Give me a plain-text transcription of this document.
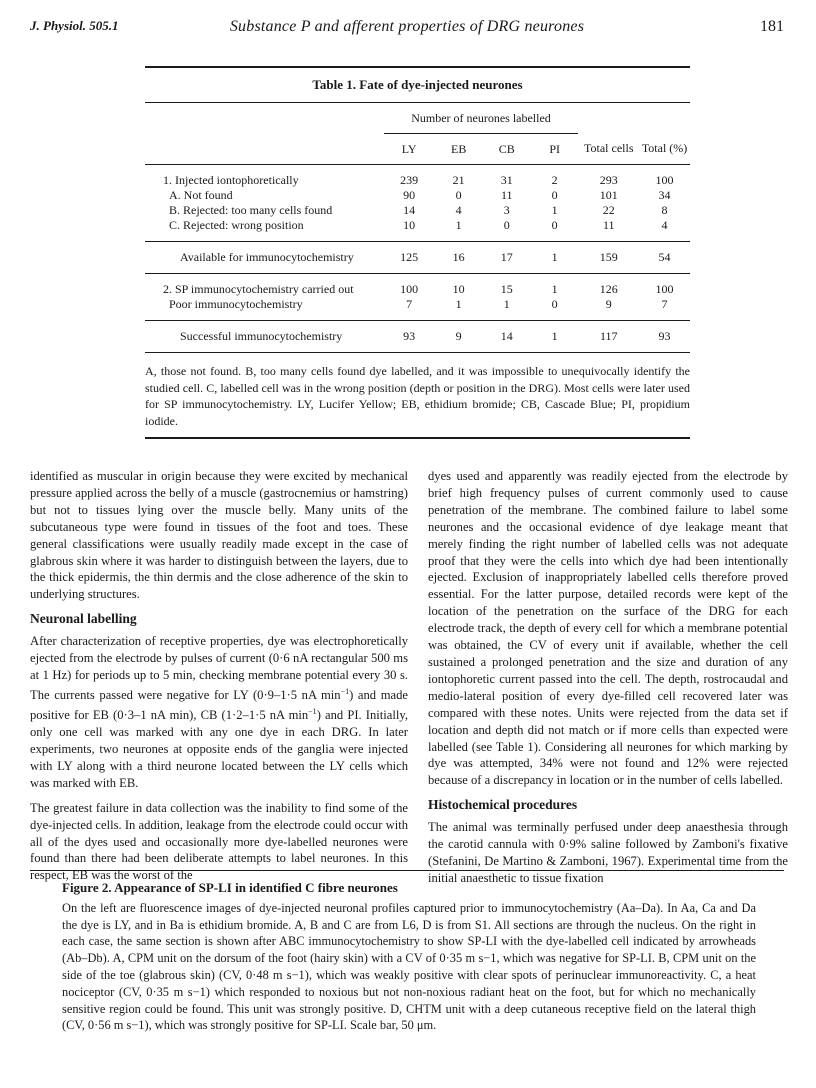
J. Physiol. 505.1	Substance P and afferent properties of DRG neurones	181
Table 1. Fate of dye-injected neurones
	Number of neurones labelled					
	LY	EB	CB	PI	Total cells	Total (%)

1. Injected iontophoretically	239	21	31	2	293	100
A. Not found	90	0	11	0	101	34
B. Rejected: too many cells found	14	4	3	1	22	8
C. Rejected: wrong position	10	1	0	0	11	4

Available for immunocytochemistry	125	16	17	1	159	54

2. SP immunocytochemistry carried out	100	10	15	1	126	100
Poor immunocytochemistry	7	1	1	0	9	7

Successful immunocytochemistry	93	9	14	1	117	93

A, those not found. B, too many cells found dye labelled, and it was impossible to unequivocally identify the studied cell. C, labelled cell was in the wrong position (depth or position in the DRG). Most cells were later used for SP immunocytochemistry. LY, Lucifer Yellow; EB, ethidium bromide; CB, Cascade Blue; PI, propidium iodide.

identified as muscular in origin because they were excited by mechanical pressure applied across the belly of a muscle (gastrocnemius or hamstring) but not to tissues lying over the muscle belly. Many units of the subcutaneous type were found in tissues of the foot and toes. These general classifications were usually readily made except in the case of glabrous skin where it was harder to distinguish between the layers, due to the thick epidermis, the thin dermis and the close adherence of the skin to underlying structures.

Neuronal labelling

After characterization of receptive properties, dye was electrophoretically ejected from the electrode by pulses of current (0·6 nA rectangular 500 ms at 1 Hz) for periods up to 5 min, checking membrane potential every 30 s. The currents passed were negative for LY (0·9–1·5 nA $\min^{-1}$) and made positive for EB (0·3–1 nA min), CB (1·2–1·5 nA $\min^{-1}$) and PI. Initially, only one cell was marked with any one dye in each DRG. In later experiments, two neurones at opposite ends of the ganglia were injected with LY along with a third neurone located between the LY cells which was marked with EB.

The greatest failure in data collection was the inability to find some of the dye-injected cells. In addition, leakage from the electrode could occur with all of the dyes used and occasionally more dye-labelled neurones were found than there had been deliberate attempts to label neurones. In this respect, EB was the worst of the

dyes used and apparently was readily ejected from the electrode by brief high frequency pulses of current commonly used to cause penetration of the membrane. The combined failure to label some neurones and the occasional evidence of dye leakage meant that merely finding the right number of labelled cells was not adequate proof that they were the cells into which dye had been intentionally ejected. Exclusion of inappropriately labelled cells therefore proved essential. For the latter purpose, detailed records were kept of the location of the penetration on the surface of the DRG for each electrode track, the depth of every cell for which a membrane potential was obtained, the CV of every unit if available, whether the cell sustained a prolonged penetration and the size and duration of any iontophoretic current passed into the cell. The depth, rostrocaudal and medio-lateral position of every dye-filled cell recovered later was compared with these notes. Units were rejected from the data set if location and depth did not match or if more cells than expected were labelled (see Table 1). Considering all neurones for which marking by dye was attempted, 34% were not found and 12% were rejected because of a discrepancy in location or in the number of cells labelled.

Histochemical procedures

The animal was terminally perfused under deep anaesthesia through the carotid cannula with 0·9% saline followed by Zamboni's fixative (Stefanini, De Martino & Zamboni, 1967). Experimental time from the initial anaesthetic to tissue fixation

Figure 2. Appearance of SP-LI in identified C fibre neurones
On the left are fluorescence images of dye-injected neuronal profiles captured prior to immunocytochemistry (Aa–Da). In Aa, Ca and Da the dye is LY, and in Ba is ethidium bromide. A, B and C are from L6, D is from S1. All sections are through the nucleus. On the right in each case, the same section is shown after ABC immunocytochemistry to show SP-LI with the dye-labelled cell indicated by arrowheads (Ab–Db). A, CPM unit on the dorsum of the foot (hairy skin) with a CV of 0·35 m s−1, which was negative for SP-LI. B, CPM unit on the side of the toe (glabrous skin) (CV, 0·48 m s−1), which was weakly positive with clear spots of perinuclear immunoreactivity. C, a heat nociceptor (CV, 0·35 m s−1) which responded to noxious but not non-noxious radiant heat on the foot, but for which no mechanically sensitive region could be found. This unit was strongly positive. D, CHTM unit with a deep cutaneous receptive field on the lateral thigh (CV, 0·56 m s−1), which was strongly positive for SP-LI. Scale bar, 50 μm.
